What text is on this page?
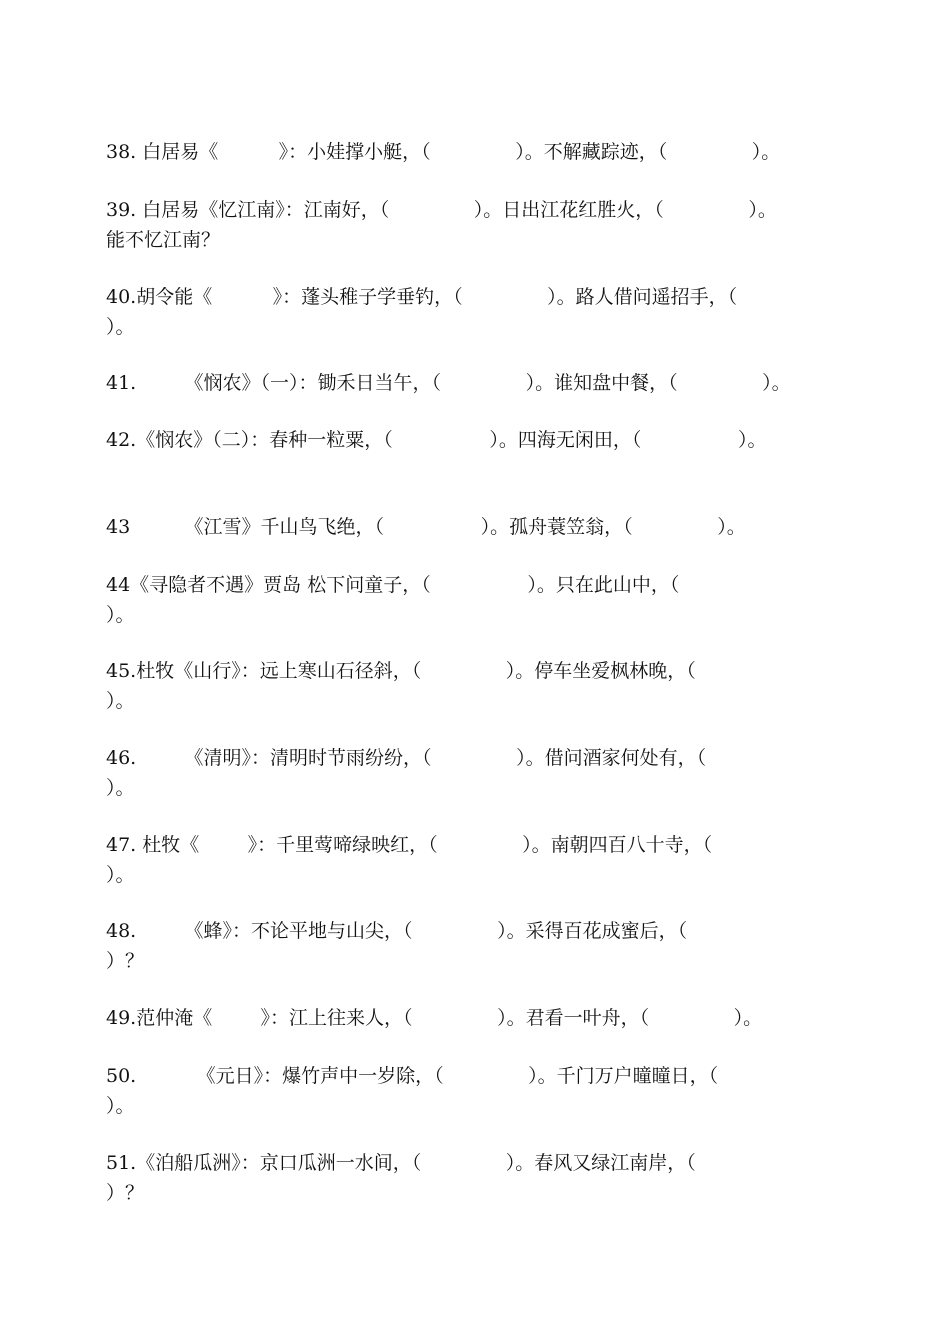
38. 白居易《          》：小娃撑小艇，（              ）。不解藏踪迹，（              ）。
39. 白居易《忆江南》：江南好，（              ）。日出江花红胜火，（              ）。
能不忆江南？
40.胡令能《          》：蓬头稚子学垂钓，（              ）。路人借问遥招手，（
）。
41.        《悯农》（一）：锄禾日当午，（              ）。谁知盘中餐，（              ）。
42.《悯农》（二）：春种一粒粟，（                ）。四海无闲田，（                ）。
43         《江雪》千山鸟飞绝，（                ）。孤舟蓑笠翁，（              ）。
44《寻隐者不遇》贾岛 松下问童子，（                ）。只在此山中，（
）。
45.杜牧《山行》：远上寒山石径斜，（              ）。停车坐爱枫林晚，（
）。
46.        《清明》：清明时节雨纷纷，（              ）。借问酒家何处有，（
）。
47. 杜牧《        》：千里莺啼绿映红，（              ）。南朝四百八十寺，（
）。
48.        《蜂》：不论平地与山尖，（              ）。采得百花成蜜后，（
）？
49.范仲淹《        》：江上往来人，（              ）。君看一叶舟，（              ）。
50.          《元日》：爆竹声中一岁除，（              ）。千门万户曈曈日，（
）。
51.《泊船瓜洲》：京口瓜洲一水间，（              ）。春风又绿江南岸，（
）？
